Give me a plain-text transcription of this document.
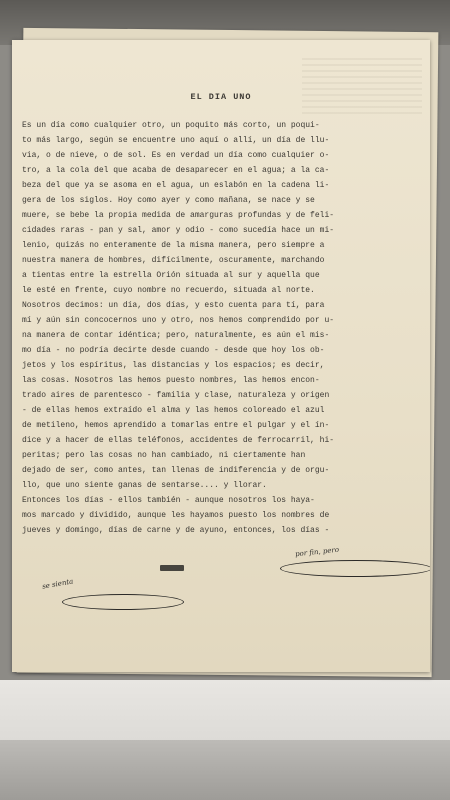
EL DIA UNO
Es un día como cualquier otro, un poquito más corto, un poqui-
to más largo, según se encuentre uno aquí o allí, un día de llu-
via, o de nieve, o de sol. Es en verdad un día como cualquier o-
tro, a la cola del que acaba de desaparecer en el agua; a la ca-
beza del que ya se asoma en el agua, un eslabón en la cadena li-
gera de los siglos. Hoy como ayer y como mañana, se nace y se
muere, se bebe la propia medida de amarguras profundas y de feli-
cidades raras - pan y sal, amor y odio - como sucedía hace un mi-
lenio, quizás no enteramente de la misma manera, pero siempre a
nuestra manera de hombres, difícilmente, oscuramente, marchando
a tientas entre la estrella Orión situada al sur y aquella que
le esté en frente, cuyo nombre no recuerdo, situada al norte.
Nosotros decimos: un día, dos días, y esto cuenta para tí, para
mí y aún sin concocernos uno y otro, nos hemos comprendido por u-
na manera de contar idéntica; pero, naturalmente, es aún el mis-
mo día - no podría decirte desde cuando - desde que hoy los ob-
jetos y los espíritus, las distancias y los espacios; es decir,
las cosas. Nosotros las hemos puesto nombres, las hemos encon-
trado aires de parentesco - familia y clase, naturaleza y origen
- de ellas hemos extraído el alma y las hemos coloreado el azul
de metileno, hemos aprendido a tomarlas entre el pulgar y el ín-
dice y a hacer de ellas teléfonos, accidentes de ferrocarril, hi-
peritas; pero las cosas no han cambiado, ni ciertamente han
dejado de ser, como antes, tan llenas de indiferencia y de orgu-
llo, que uno siente ganas de sentarse.... y llorar.
Entonces los días - ellos también - aunque nosotros los haya-
mos marcado y dividido, aunque les hayamos puesto los nombres de
jueves y domingo, días de carne y de ayuno, entonces, los días -
por fin, pero
se sienta
